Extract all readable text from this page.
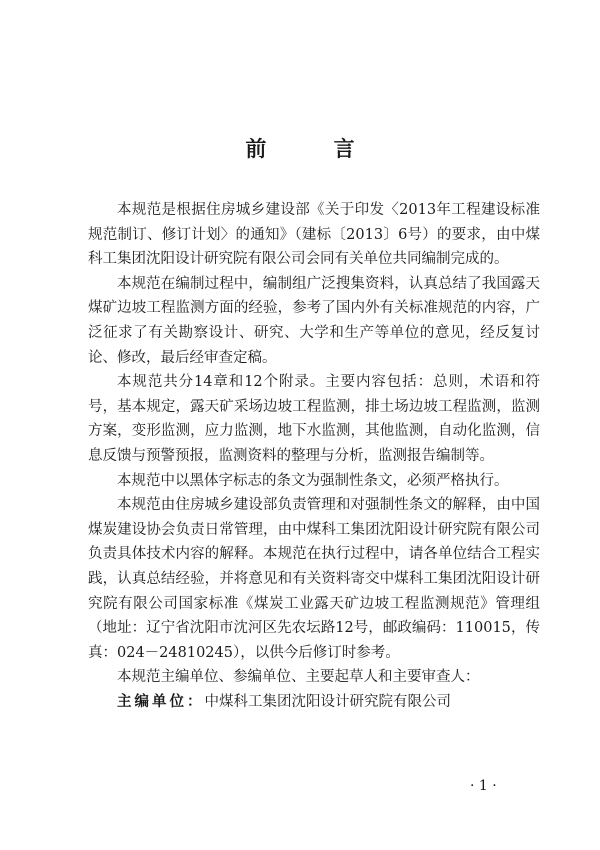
前 言

本规范是根据住房城乡建设部《关于印发〈2013年工程建设标准规范制订、修订计划〉的通知》（建标〔2013〕6号）的要求，由中煤科工集团沈阳设计研究院有限公司会同有关单位共同编制完成的。

本规范在编制过程中，编制组广泛搜集资料，认真总结了我国露天煤矿边坡工程监测方面的经验，参考了国内外有关标准规范的内容，广泛征求了有关勘察设计、研究、大学和生产等单位的意见，经反复讨论、修改，最后经审查定稿。

本规范共分14章和12个附录。主要内容包括：总则，术语和符号，基本规定，露天矿采场边坡工程监测，排土场边坡工程监测，监测方案，变形监测，应力监测，地下水监测，其他监测，自动化监测，信息反馈与预警预报，监测资料的整理与分析，监测报告编制等。

本规范中以黑体字标志的条文为强制性条文，必须严格执行。

本规范由住房城乡建设部负责管理和对强制性条文的解释，由中国煤炭建设协会负责日常管理，由中煤科工集团沈阳设计研究院有限公司负责具体技术内容的解释。本规范在执行过程中，请各单位结合工程实践，认真总结经验，并将意见和有关资料寄交中煤科工集团沈阳设计研究院有限公司国家标准《煤炭工业露天矿边坡工程监测规范》管理组（地址：辽宁省沈阳市沈河区先农坛路12号，邮政编码：110015，传真：024－24810245），以供今后修订时参考。

本规范主编单位、参编单位、主要起草人和主要审查人：

主编单位：中煤科工集团沈阳设计研究院有限公司

· 1 ·
